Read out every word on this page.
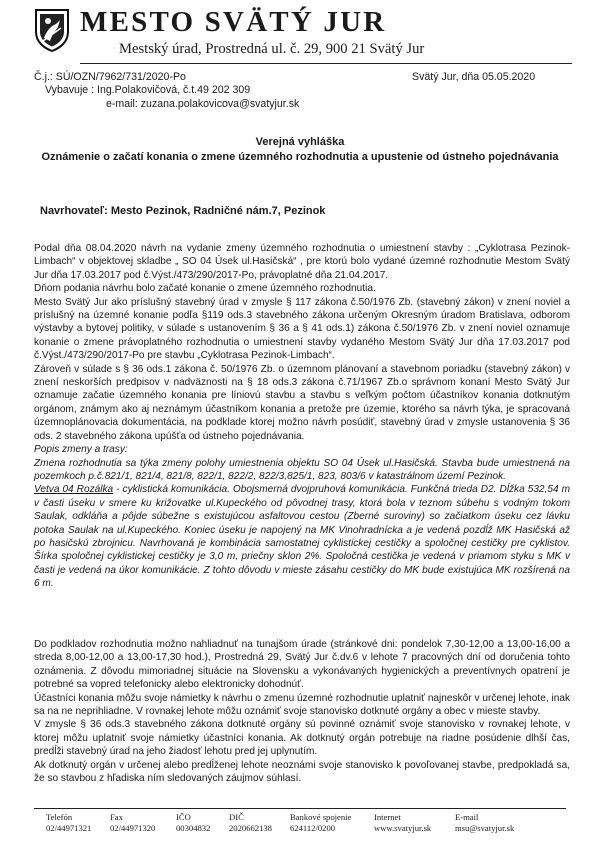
MESTO SVÄTÝ JUR
Mestský úrad, Prostredná ul. č. 29, 900 21 Svätý Jur
Č.j.: SÚ/OZN/7962/731/2020-Po	Svätý Jur, dňa 05.05.2020
Vybavuje : Ing.Polakovičová, č.t.49 202 309
e-mail: zuzana.polakovicova@svatyjur.sk
Verejná vyhláška
Oznámenie o začatí konania o zmene územného rozhodnutia a upustenie od ústneho pojednávania
Navrhovateľ: Mesto Pezinok, Radničné nám.7, Pezinok

Podal dňa 08.04.2020 návrh na vydanie zmeny územného rozhodnutia o umiestnení stavby : „Cyklotrasa Pezinok-Limbach“ v objektovej skladbe „ SO 04 Úsek ul.Hasičská“ , pre ktorú bolo vydané územné rozhodnutie Mestom Svätý Jur dňa 17.03.2017 pod č.Výst./473/290/2017-Po, právoplatné dňa 21.04.2017.

Dňom podania návrhu bolo začaté konanie o zmene územného rozhodnutia.

Mesto Svätý Jur ako príslušný stavebný úrad v zmysle § 117 zákona č.50/1976 Zb. (stavebný zákon) v znení noviel a príslušný na územné konanie podľa §119 ods.3 stavebného zákona určeným Okresným úradom Bratislava, odborom výstavby a bytovej politiky, v súlade s ustanovením § 36 a § 41 ods.1) zákona č.50/1976 Zb. v znení noviel oznamuje konanie o zmene právoplatného rozhodnutia o umiestnení stavby vydaného Mestom Svätý Jur dňa 17.03.2017 pod č.Výst./473/290/2017-Po pre stavbu „Cyklotrasa Pezinok-Limbach“.

Zároveň v súlade s § 36 ods.1 zákona č. 50/1976 Zb. o územnom plánovaní a stavebnom poriadku (stavebný zákon) v znení neskorších predpisov v nadväznosti na § 18 ods.3 zákona č.71/1967 Zb.o správnom konaní Mesto Svätý Jur oznamuje začatie územného konania pre líniovú stavbu a stavbu s veľkým počtom účastníkov konania dotknutým orgánom, známym ako aj neznámym účastníkom konania a pretože pre územie, ktorého sa návrh týka, je spracovaná územnoplánovacia dokumentácia, na podklade ktorej možno návrh posúdiť, stavebný úrad v zmysle ustanovenia § 36 ods. 2 stavebného zákona upúšťa od ústneho pojednávania.

Popis zmeny a trasy:

Zmena rozhodnutia sa týka zmeny polohy umiestnenia objektu SO 04 Úsek ul.Hasičská. Stavba bude umiestnená na pozemkoch p.č.821/1, 821/4, 821/8, 822/1, 822/2, 822/3,825/1, 823, 803/6 v katastrálnom území Pezinok.

Vetva 04 Rozálka - cyklistická komunikácia. Obojsmerná dvojpruhová komunikácia. Funkčná trieda D2. Dĺžka 532,54 m v časti úseku v smere ku križovatke ul.Kupeckého od pôvodnej trasy, ktorá bola v teznom súbehu s vodným tokom Saulak, odkláňa a pôjde súbežne s existujúcou asfaltovou cestou (Zberné suroviny) so začiatkom úseku cez lávku potoka Saulak na ul.Kupeckého. Koniec úseku je napojený na MK Vinohradnícka a je vedená pozdĺž MK Hasičská až po hasičskú zbrojnicu. Navrhovaná je kombinácia samostatnej cyklistickej cestičky a spoločnej cestičky pre cyklistov. Šírka spoločnej cyklistickej cestičky je 3,0 m, priečny sklon 2%. Spoločná cestička je vedená v priamom styku s MK v časti je vedená na úkor komunikácie. Z tohto dôvodu v mieste zásahu cestičky do MK bude existujúca MK rozšírená na 6 m.

Do podkladov rozhodnutia možno nahliadnuť na tunajšom úrade (stránkové dni: pondelok 7,30-12,00 a 13,00-16,00 a streda 8,00-12,00 a 13,00-17,30 hod.), Prostredná 29, Svätý Jur č.dv.6 v lehote 7 pracovných dní od doručenia tohto oznámenia. Z dôvodu mimoriadnej situácie na Slovensku a vykonávaných hygienických a preventívnych opatrení je potrebné sa vopred telefonicky alebo elektronicky dohodnúť.

Účastníci konania môžu svoje námietky k návrhu o zmenu územné rozhodnutie uplatniť najneskôr v určenej lehote, inak sa na ne neprihliadne. V rovnakej lehote môžu oznámiť svoje stanovisko dotknuté orgány a obec v mieste stavby.

V zmysle § 36 ods.3 stavebného zákona dotknuté orgány sú povinné oznámiť svoje stanovisko v rovnakej lehote, v ktorej môžu uplatniť svoje námietky účastníci konania. Ak dotknutý orgán potrebuje na riadne posúdenie dlhší čas, predĺži stavebný úrad na jeho žiadosť lehotu pred jej uplynutím.

Ak dotknutý orgán v určenej alebo predĺženej lehote neoznámi svoje stanovisko k povoľovanej stavbe, predpokladá sa, že so stavbou z hľadiska ním sledovaných záujmov súhlasí.

Telefón
02/44971321
Fax
02/44971320
IČO
00304832
DIČ
2020662138
Bankové spojenie
624112/0200
Internet
www.svatyjur.sk
E-mail
msu@svatyjur.sk
